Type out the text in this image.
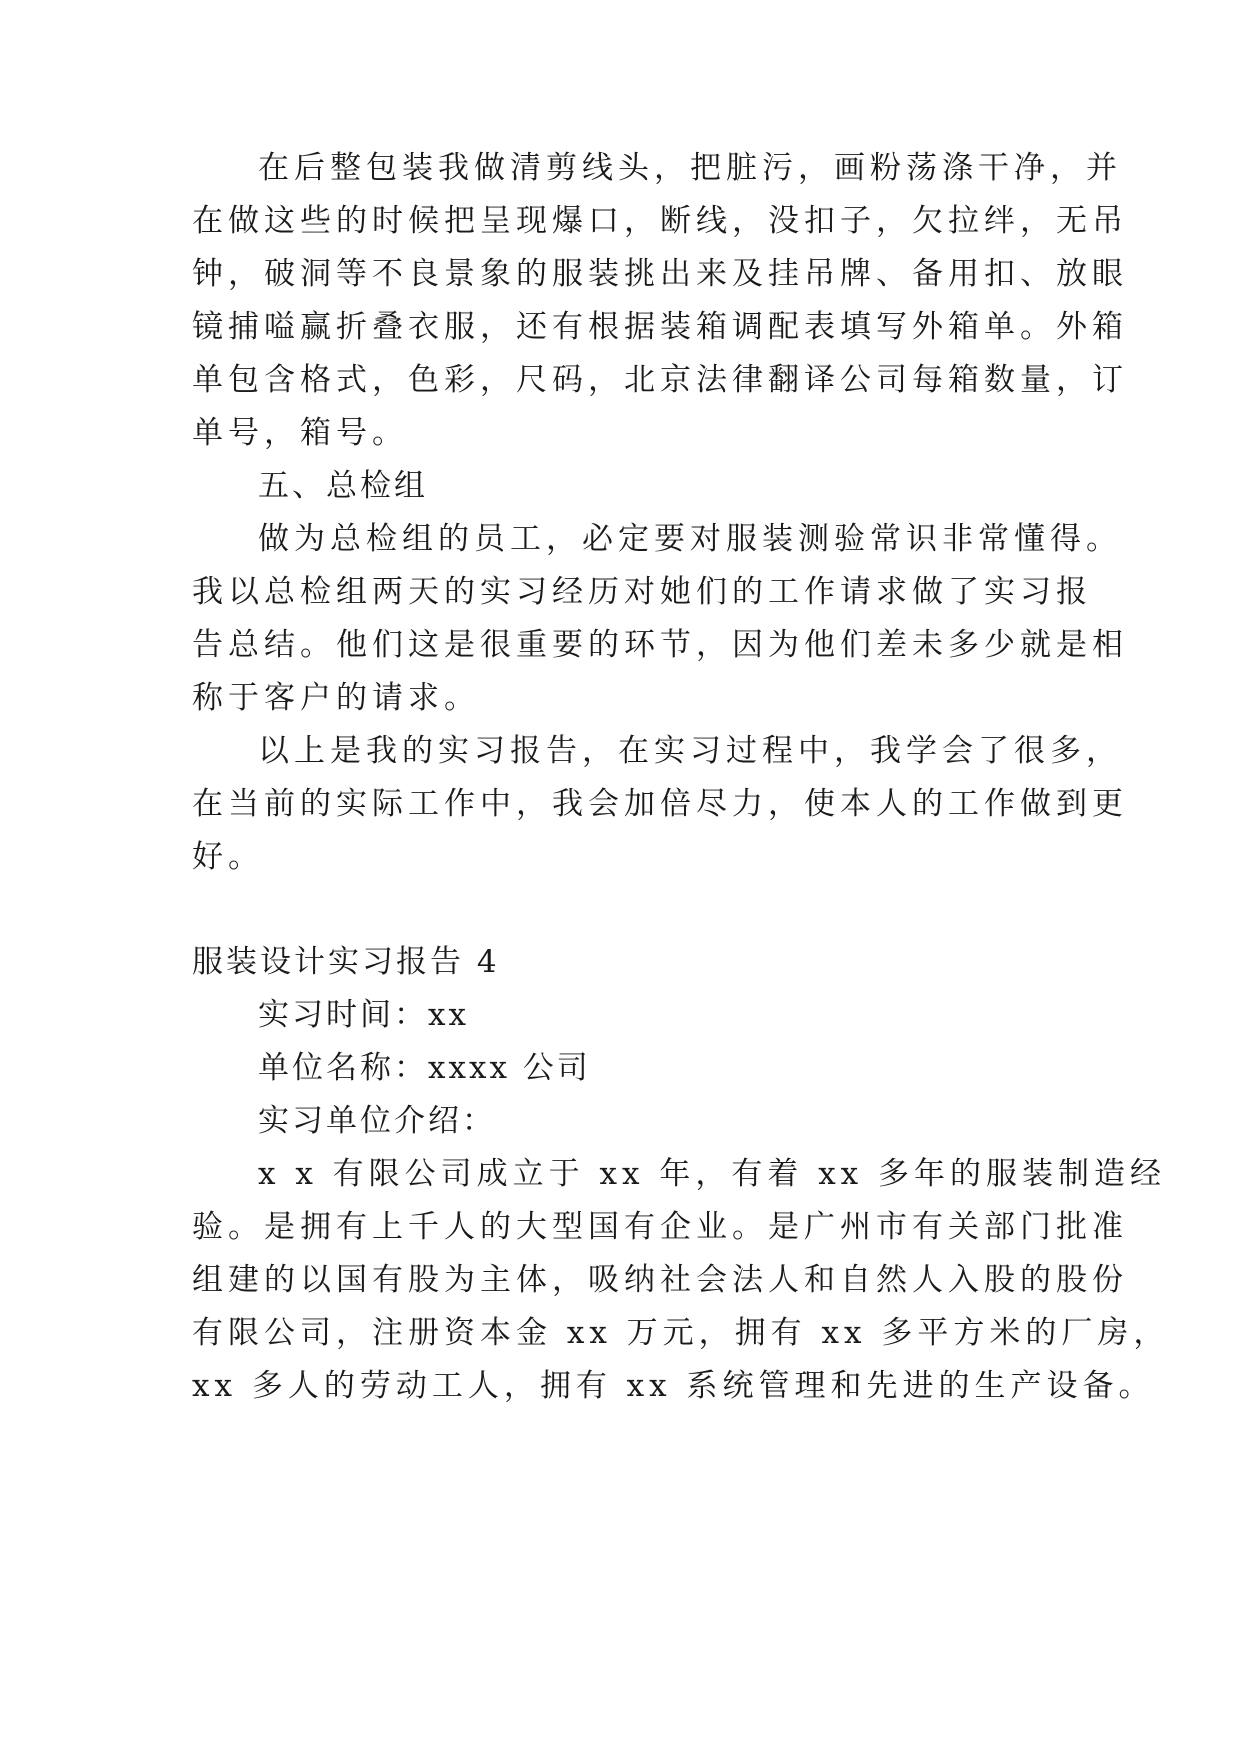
在后整包装我做清剪线头，把脏污，画粉荡涤干净，并
在做这些的时候把呈现爆口，断线，没扣子，欠拉绊，无吊
钟，破洞等不良景象的服装挑出来及挂吊牌、备用扣、放眼
镜捕嗌赢折叠衣服，还有根据装箱调配表填写外箱单。外箱
单包含格式，色彩，尺码，北京法律翻译公司每箱数量，订
单号，箱号。
五、总检组
做为总检组的员工，必定要对服装测验常识非常懂得。
我以总检组两天的实习经历对她们的工作请求做了实习报
告总结。他们这是很重要的环节，因为他们差未多少就是相
称于客户的请求。
以上是我的实习报告，在实习过程中，我学会了很多，
在当前的实际工作中，我会加倍尽力，使本人的工作做到更
好。
服装设计实习报告 4
实习时间：xx
单位名称：xxxx 公司
实习单位介绍：
x x 有限公司成立于 xx 年，有着 xx 多年的服装制造经
验。是拥有上千人的大型国有企业。是广州市有关部门批准
组建的以国有股为主体，吸纳社会法人和自然人入股的股份
有限公司，注册资本金 xx 万元，拥有 xx 多平方米的厂房，
xx 多人的劳动工人，拥有 xx 系统管理和先进的生产设备。
